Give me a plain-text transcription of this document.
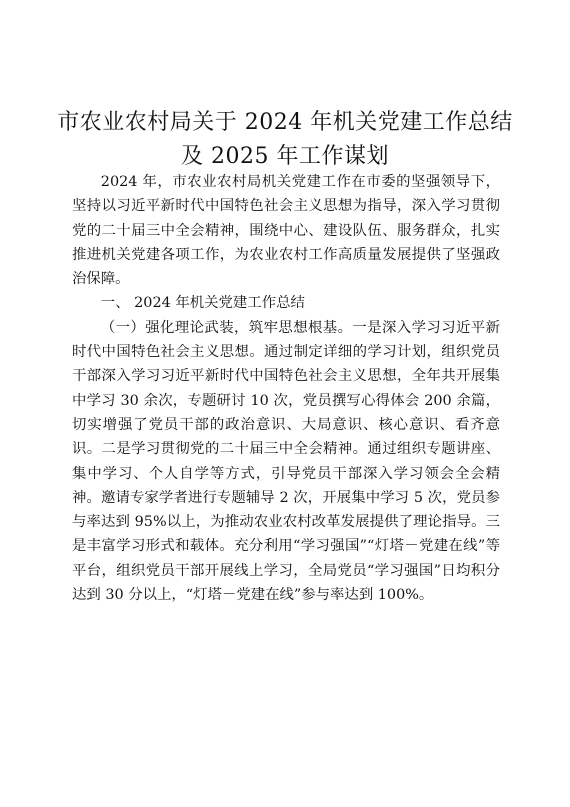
市农业农村局关于 2024 年机关党建工作总结
及 2025 年工作谋划

2024 年，市农业农村局机关党建工作在市委的坚强领导下，坚持以习近平新时代中国特色社会主义思想为指导，深入学习贯彻党的二十届三中全会精神，围绕中心、建设队伍、服务群众，扎实推进机关党建各项工作，为农业农村工作高质量发展提供了坚强政治保障。

一、 2024 年机关党建工作总结

（一）强化理论武装，筑牢思想根基。一是深入学习习近平新时代中国特色社会主义思想。通过制定详细的学习计划，组织党员干部深入学习习近平新时代中国特色社会主义思想，全年共开展集中学习 30 余次，专题研讨 10 次，党员撰写心得体会 200 余篇，切实增强了党员干部的政治意识、大局意识、核心意识、看齐意识。二是学习贯彻党的二十届三中全会精神。通过组织专题讲座、集中学习、个人自学等方式，引导党员干部深入学习领会全会精神。邀请专家学者进行专题辅导 2 次，开展集中学习 5 次，党员参与率达到 95%以上，为推动农业农村改革发展提供了理论指导。三是丰富学习形式和载体。充分利用“学习强国”“灯塔－党建在线”等平台，组织党员干部开展线上学习，全局党员“学习强国”日均积分达到 30 分以上，“灯塔－党建在线”参与率达到 100%。
